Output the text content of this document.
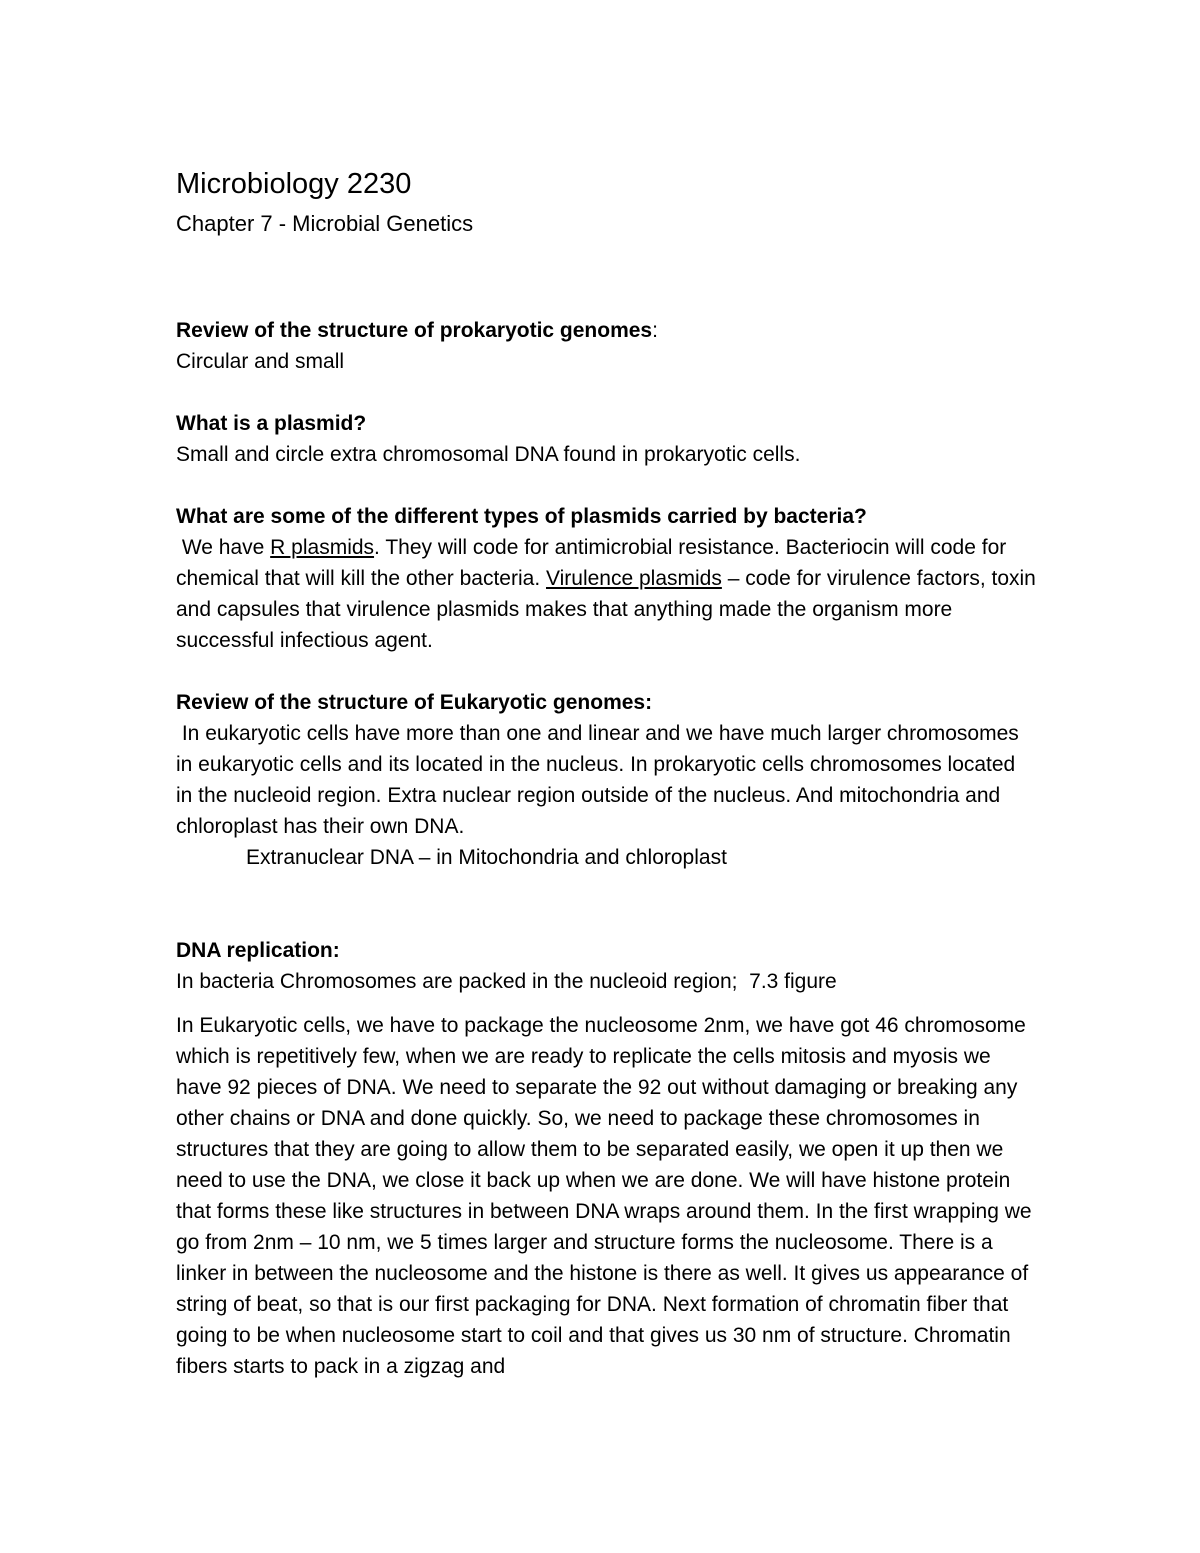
Microbiology 2230
Chapter 7 - Microbial Genetics

Review of the structure of prokaryotic genomes:

Circular and small

What is a plasmid?

Small and circle extra chromosomal DNA found in prokaryotic cells.

What are some of the different types of plasmids carried by bacteria?

We have R plasmids. They will code for antimicrobial resistance. Bacteriocin will code for chemical that will kill the other bacteria. Virulence plasmids – code for virulence factors, toxin and capsules that virulence plasmids makes that anything made the organism more successful infectious agent.

Review of the structure of Eukaryotic genomes:

In eukaryotic cells have more than one and linear and we have much larger chromosomes in eukaryotic cells and its located in the nucleus. In prokaryotic cells chromosomes located in the nucleoid region. Extra nuclear region outside of the nucleus. And mitochondria and chloroplast has their own DNA.

Extranuclear DNA – in Mitochondria and chloroplast

DNA replication:

In bacteria Chromosomes are packed in the nucleoid region;  7.3 figure

In Eukaryotic cells, we have to package the nucleosome 2nm, we have got 46 chromosome which is repetitively few, when we are ready to replicate the cells mitosis and myosis we have 92 pieces of DNA. We need to separate the 92 out without damaging or breaking any other chains or DNA and done quickly. So, we need to package these chromosomes in structures that they are going to allow them to be separated easily, we open it up then we need to use the DNA, we close it back up when we are done. We will have histone protein that forms these like structures in between DNA wraps around them. In the first wrapping we go from 2nm – 10 nm, we 5 times larger and structure forms the nucleosome. There is a linker in between the nucleosome and the histone is there as well. It gives us appearance of string of beat, so that is our first packaging for DNA. Next formation of chromatin fiber that going to be when nucleosome start to coil and that gives us 30 nm of structure. Chromatin fibers starts to pack in a zigzag and
